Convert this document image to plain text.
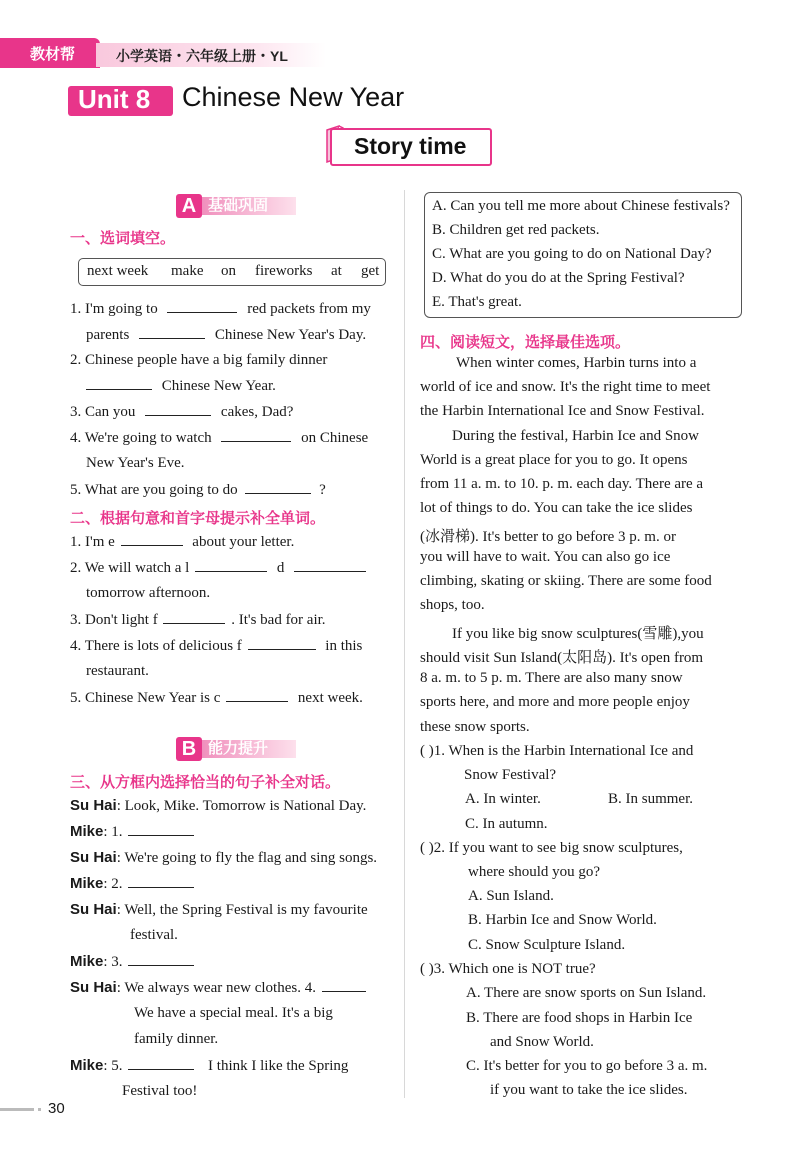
教材帮	小学英语・六年级上册・YL
Unit 8 Chinese New Year
Story time
A 基础巩固
一、选词填空。
next week make on fireworks at get
1. I'm going to	red packets from my
parents	Chinese New Year's Day.
2. Chinese people have a big family dinner
Chinese New Year.
3. Can you	cakes, Dad?
4. We're going to watch	on Chinese
New Year's Eve.
5. What are you going to do	?
二、根据句意和首字母提示补全单词。
1. I'm e	about your letter.
2. We will watch a l	d
tomorrow afternoon.
3. Don't light f	. It's bad for air.
4. There is lots of delicious f	in this
restaurant.
5. Chinese New Year is c	next week.
B 能力提升
三、从方框内选择恰当的句子补全对话。
Su Hai: Look, Mike. Tomorrow is National Day.
Mike: 1.
Su Hai: We're going to fly the flag and sing songs.
Mike: 2.
Su Hai: Well, the Spring Festival is my favourite
festival.
Mike: 3.
Su Hai: We always wear new clothes. 4.
We have a special meal. It's a big
family dinner.
Mike: 5.	I think I like the Spring
Festival too!
A. Can you tell me more about Chinese festivals?
B. Children get red packets.
C. What are you going to do on National Day?
D. What do you do at the Spring Festival?
E. That's great.
四、阅读短文，选择最佳选项。
When winter comes, Harbin turns into a
world of ice and snow. It's the right time to meet
the Harbin International Ice and Snow Festival.
During the festival, Harbin Ice and Snow
World is a great place for you to go. It opens
from 11 a. m. to 10. p. m. each day. There are a
lot of things to do. You can take the ice slides
(冰滑梯). It's better to go before 3 p. m. or
you will have to wait. You can also go ice
climbing, skating or skiing. There are some food
shops, too.
If you like big snow sculptures(雪雕),you
should visit Sun Island(太阳岛). It's open from
8 a. m. to 5 p. m. There are also many snow
sports here, and more and more people enjoy
these snow sports.
( )1. When is the Harbin International Ice and
Snow Festival?
A. In winter.	B. In summer.
C. In autumn.
( )2. If you want to see big snow sculptures,
where should you go?
A. Sun Island.
B. Harbin Ice and Snow World.
C. Snow Sculpture Island.
( )3. Which one is NOT true?
A. There are snow sports on Sun Island.
B. There are food shops in Harbin Ice
and Snow World.
C. It's better for you to go before 3 a. m.
if you want to take the ice slides.
30
